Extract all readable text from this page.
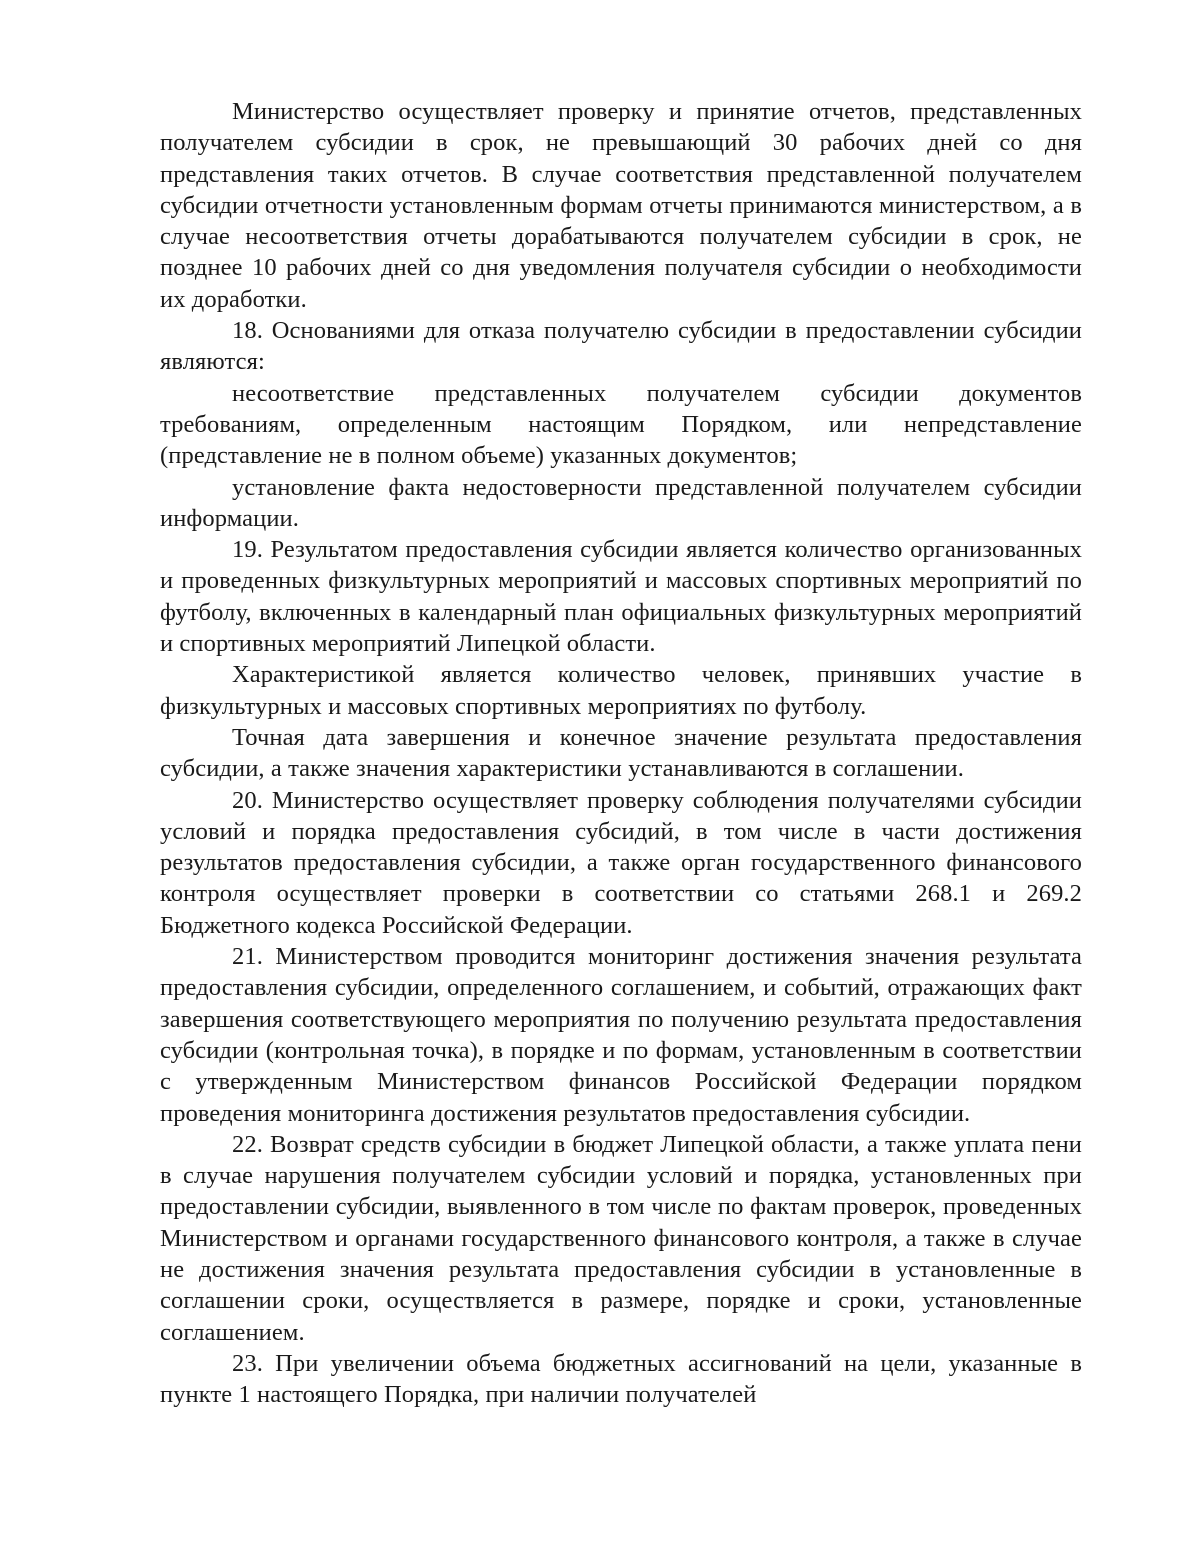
Министерство осуществляет проверку и принятие отчетов, представленных получателем субсидии в срок, не превышающий 30 рабочих дней со дня представления таких отчетов. В случае соответствия представленной получателем субсидии отчетности установленным формам отчеты принимаются министерством, а в случае несоответствия отчеты дорабатываются получателем субсидии в срок, не позднее 10 рабочих дней со дня уведомления получателя субсидии о необходимости их доработки.

18. Основаниями для отказа получателю субсидии в предоставлении субсидии являются:

несоответствие представленных получателем субсидии документов требованиям, определенным настоящим Порядком, или непредставление (представление не в полном объеме) указанных документов;

установление факта недостоверности представленной получателем субсидии информации.

19. Результатом предоставления субсидии является количество организованных и проведенных физкультурных мероприятий и массовых спортивных мероприятий по футболу, включенных в календарный план официальных физкультурных мероприятий и спортивных мероприятий Липецкой области.

Характеристикой является количество человек, принявших участие в физкультурных и массовых спортивных мероприятиях по футболу.

Точная дата завершения и конечное значение результата предоставления субсидии, а также значения характеристики устанавливаются в соглашении.

20. Министерство осуществляет проверку соблюдения получателями субсидии условий и порядка предоставления субсидий, в том числе в части достижения результатов предоставления субсидии, а также орган государственного финансового контроля осуществляет проверки в соответствии со статьями 268.1 и 269.2 Бюджетного кодекса Российской Федерации.

21. Министерством проводится мониторинг достижения значения результата предоставления субсидии, определенного соглашением, и событий, отражающих факт завершения соответствующего мероприятия по получению результата предоставления субсидии (контрольная точка), в порядке и по формам, установленным в соответствии с утвержденным Министерством финансов Российской Федерации порядком проведения мониторинга достижения результатов предоставления субсидии.

22. Возврат средств субсидии в бюджет Липецкой области, а также уплата пени в случае нарушения получателем субсидии условий и порядка, установленных при предоставлении субсидии, выявленного в том числе по фактам проверок, проведенных Министерством и органами государственного финансового контроля, а также в случае не достижения значения результата предоставления субсидии в установленные в соглашении сроки, осуществляется в размере, порядке и сроки, установленные соглашением.

23. При увеличении объема бюджетных ассигнований на цели, указанные в пункте 1 настоящего Порядка, при наличии получателей
